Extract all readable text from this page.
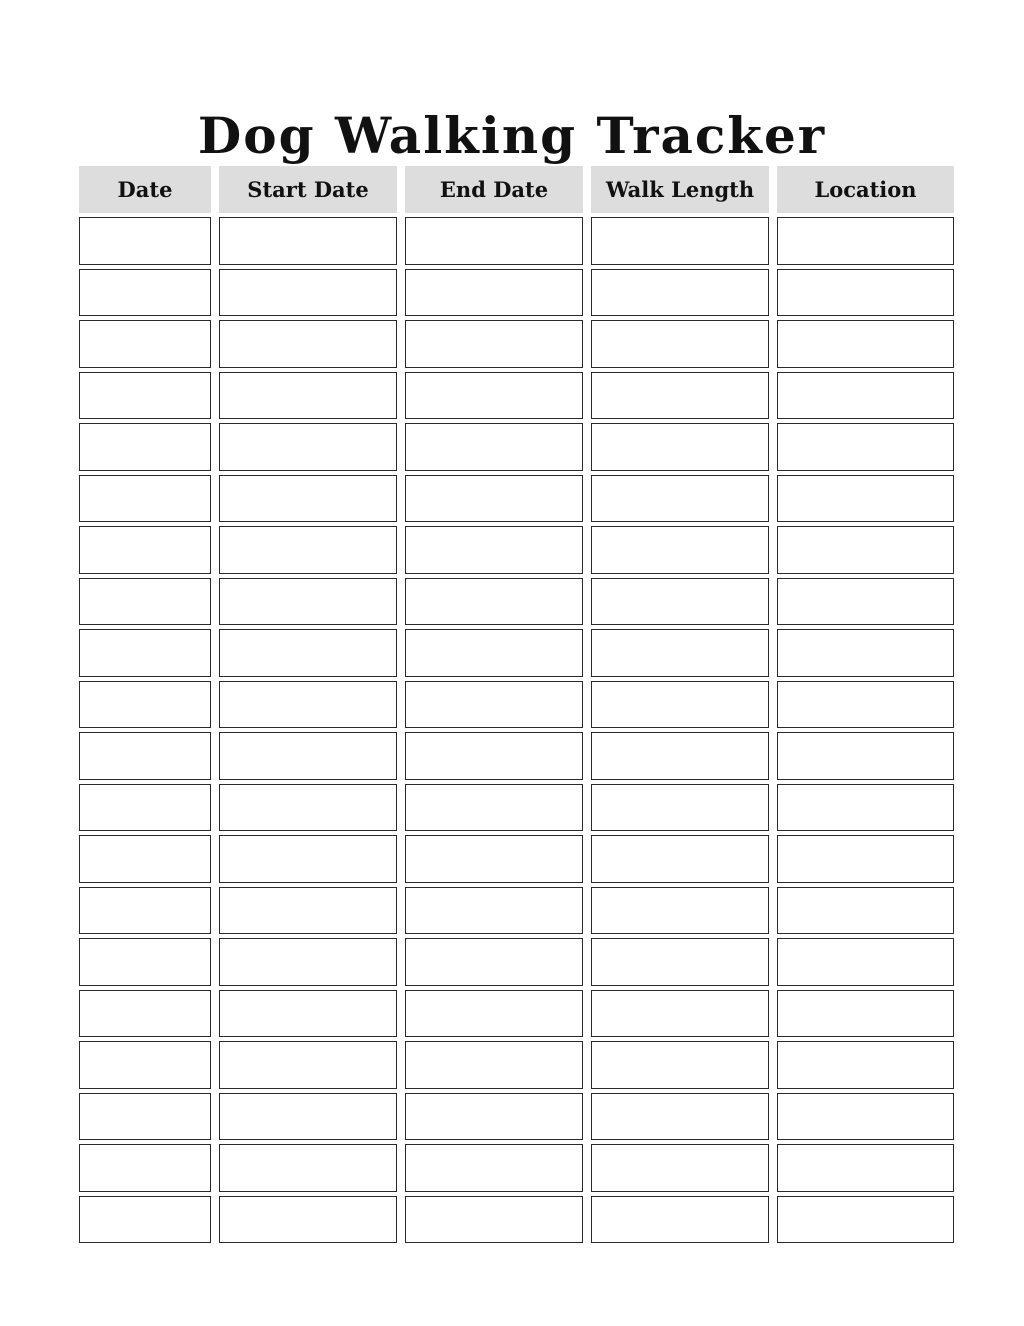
Dog Walking Tracker
Date	Start Date	End Date	Walk Length	Location
